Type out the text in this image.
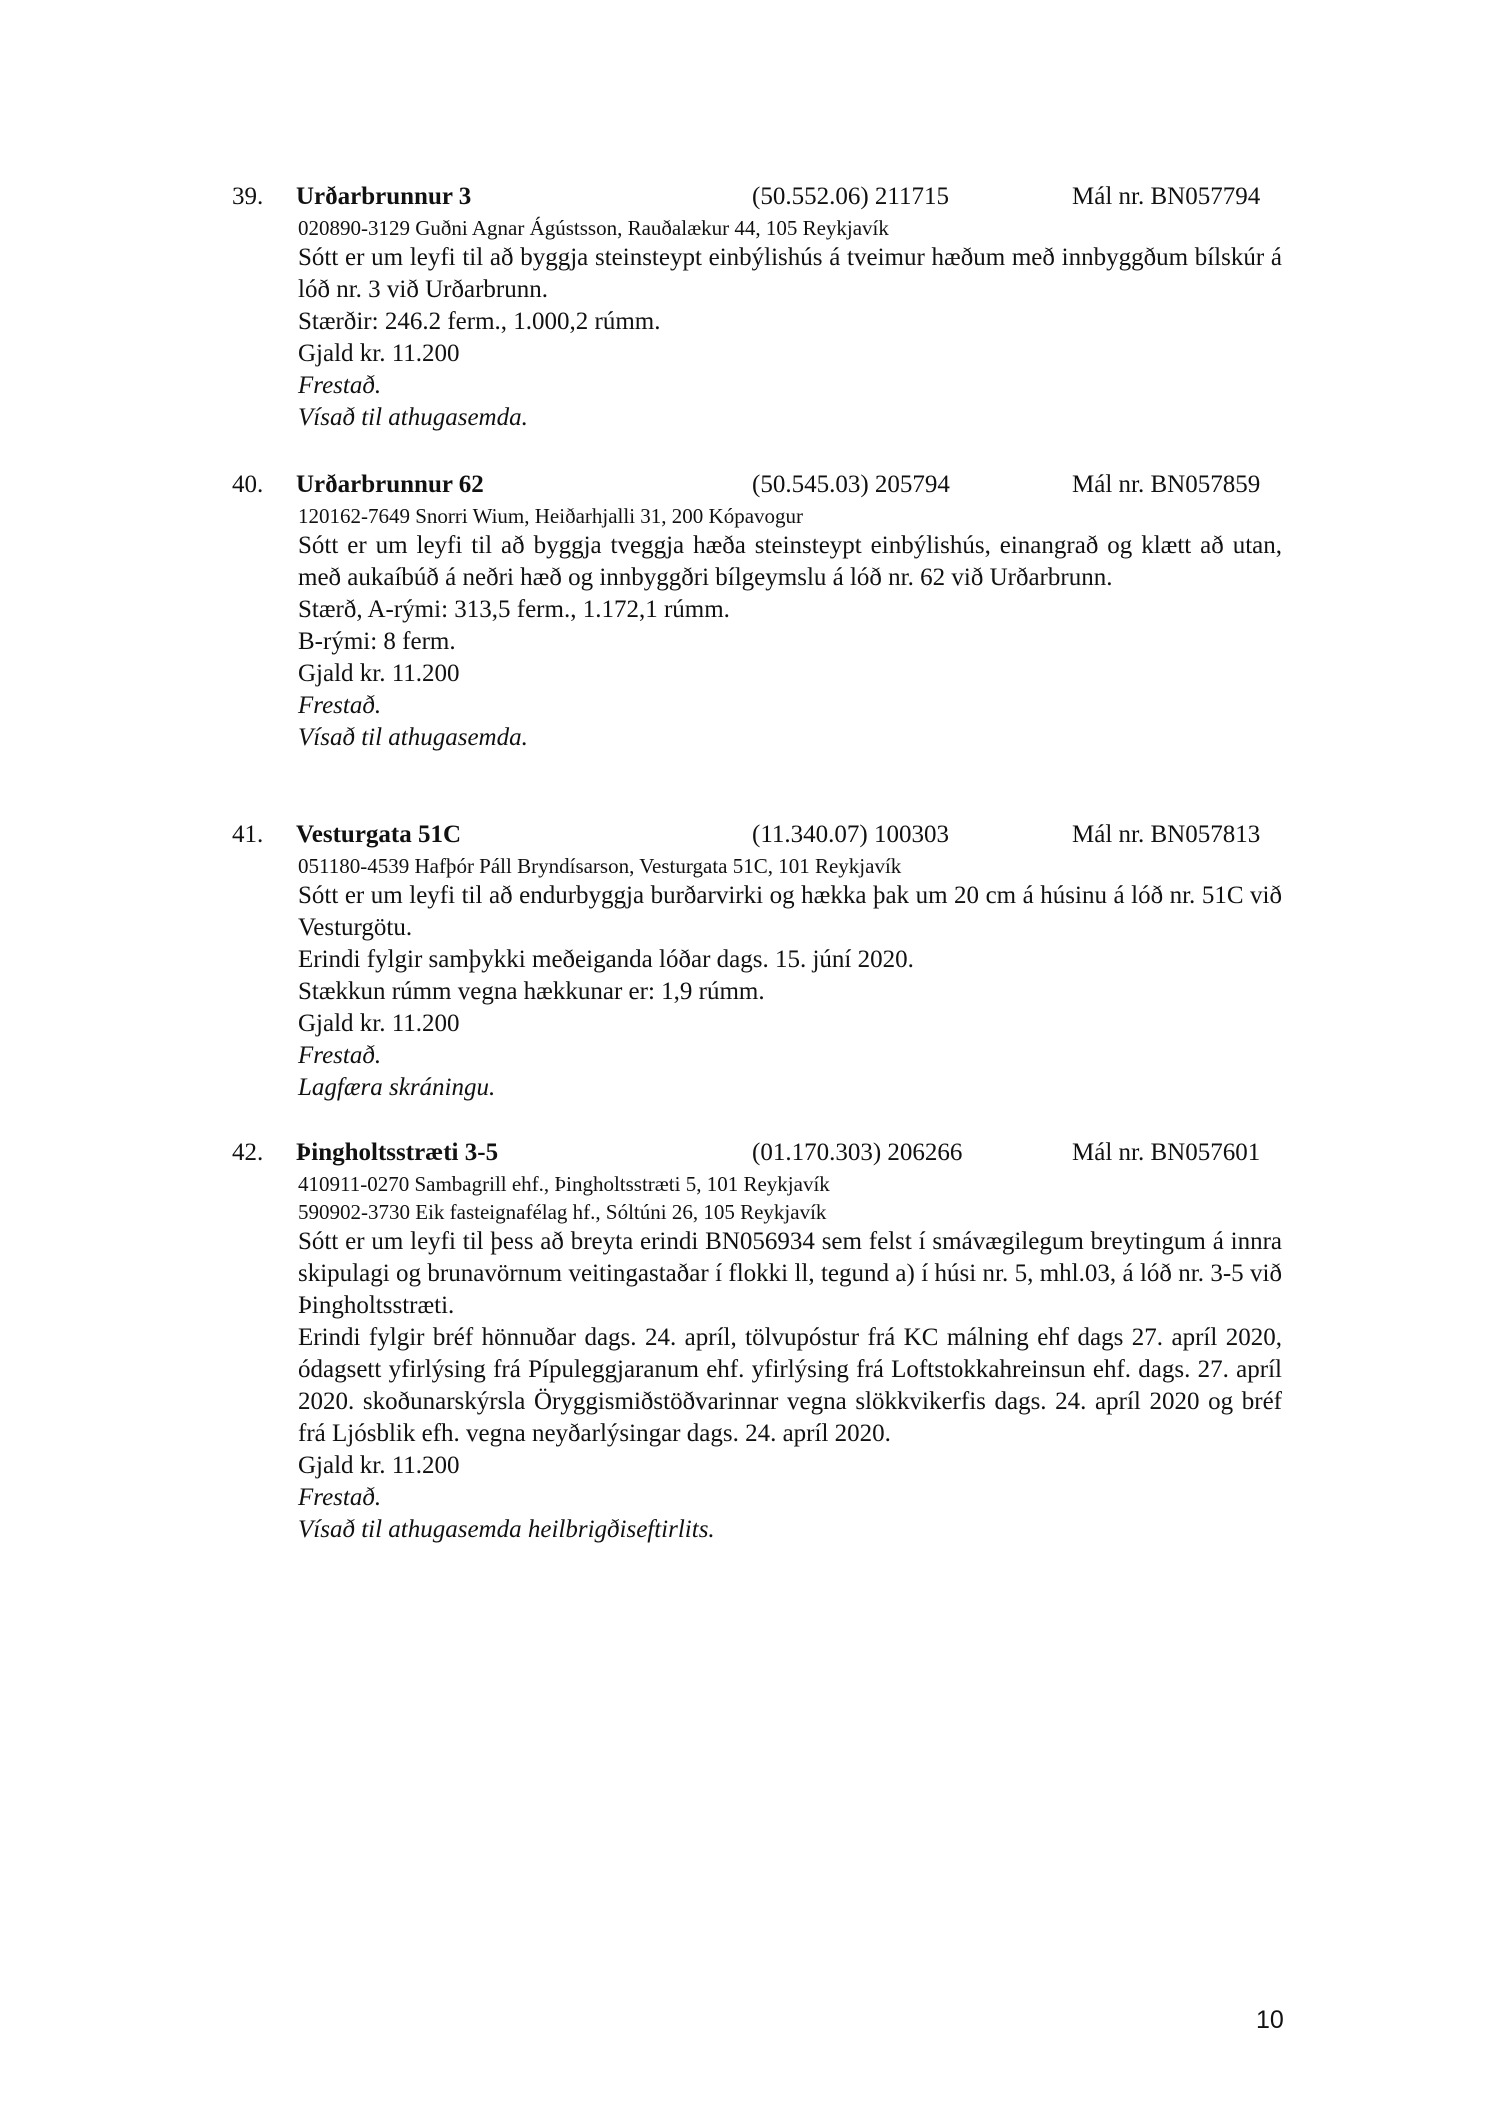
39. Urðarbrunnur 3	(50.552.06) 211715	Mál nr. BN057794
020890-3129 Guðni Agnar Ágústsson, Rauðalækur 44, 105 Reykjavík
Sótt er um leyfi til að byggja steinsteypt einbýlishús á tveimur hæðum með innbyggðum bílskúr á lóð nr. 3 við Urðarbrunn.
Stærðir: 246.2 ferm., 1.000,2 rúmm.
Gjald kr. 11.200
Frestað.
Vísað til athugasemda.
40. Urðarbrunnur 62	(50.545.03) 205794	Mál nr. BN057859
120162-7649 Snorri Wium, Heiðarhjalli 31, 200 Kópavogur
Sótt er um leyfi til að byggja tveggja hæða steinsteypt einbýlishús, einangrað og klætt að utan, með aukaíbúð á neðri hæð og innbyggðri bílgeymslu á lóð nr. 62 við Urðarbrunn.
Stærð, A-rými: 313,5 ferm., 1.172,1 rúmm.
B-rými: 8 ferm.
Gjald kr. 11.200
Frestað.
Vísað til athugasemda.
41. Vesturgata 51C	(11.340.07) 100303	Mál nr. BN057813
051180-4539 Hafþór Páll Bryndísarson, Vesturgata 51C, 101 Reykjavík
Sótt er um leyfi til að endurbyggja burðarvirki og hækka þak um 20 cm á húsinu á lóð nr. 51C við Vesturgötu.
Erindi fylgir samþykki meðeiganda lóðar dags. 15. júní 2020.
Stækkun rúmm vegna hækkunar er: 1,9 rúmm.
Gjald kr. 11.200
Frestað.
Lagfæra skráningu.
42. Þingholtsstræti 3-5	(01.170.303) 206266	Mál nr. BN057601
410911-0270 Sambagrill ehf., Þingholtsstræti 5, 101 Reykjavík
590902-3730 Eik fasteignafélag hf., Sóltúni 26, 105 Reykjavík
Sótt er um leyfi til þess að breyta erindi BN056934 sem felst í smávægilegum breytingum á innra skipulagi og brunavörnum veitingastaðar í flokki ll, tegund a) í húsi nr. 5, mhl.03, á lóð nr. 3-5 við Þingholtsstræti.
Erindi fylgir bréf hönnuðar dags. 24. apríl, tölvupóstur frá KC málning ehf dags 27. apríl 2020, ódagsett yfirlýsing frá Pípuleggjaranum ehf. yfirlýsing frá Loftstokkahreinsun ehf. dags. 27. apríl 2020. skoðunarskýrsla Öryggismiðstöðvarinnar vegna slökkvikerfis dags. 24. apríl 2020 og bréf frá Ljósblik efh. vegna neyðarlýsingar dags. 24. apríl 2020.
Gjald kr. 11.200
Frestað.
Vísað til athugasemda heilbrigðiseftirlits.
10
